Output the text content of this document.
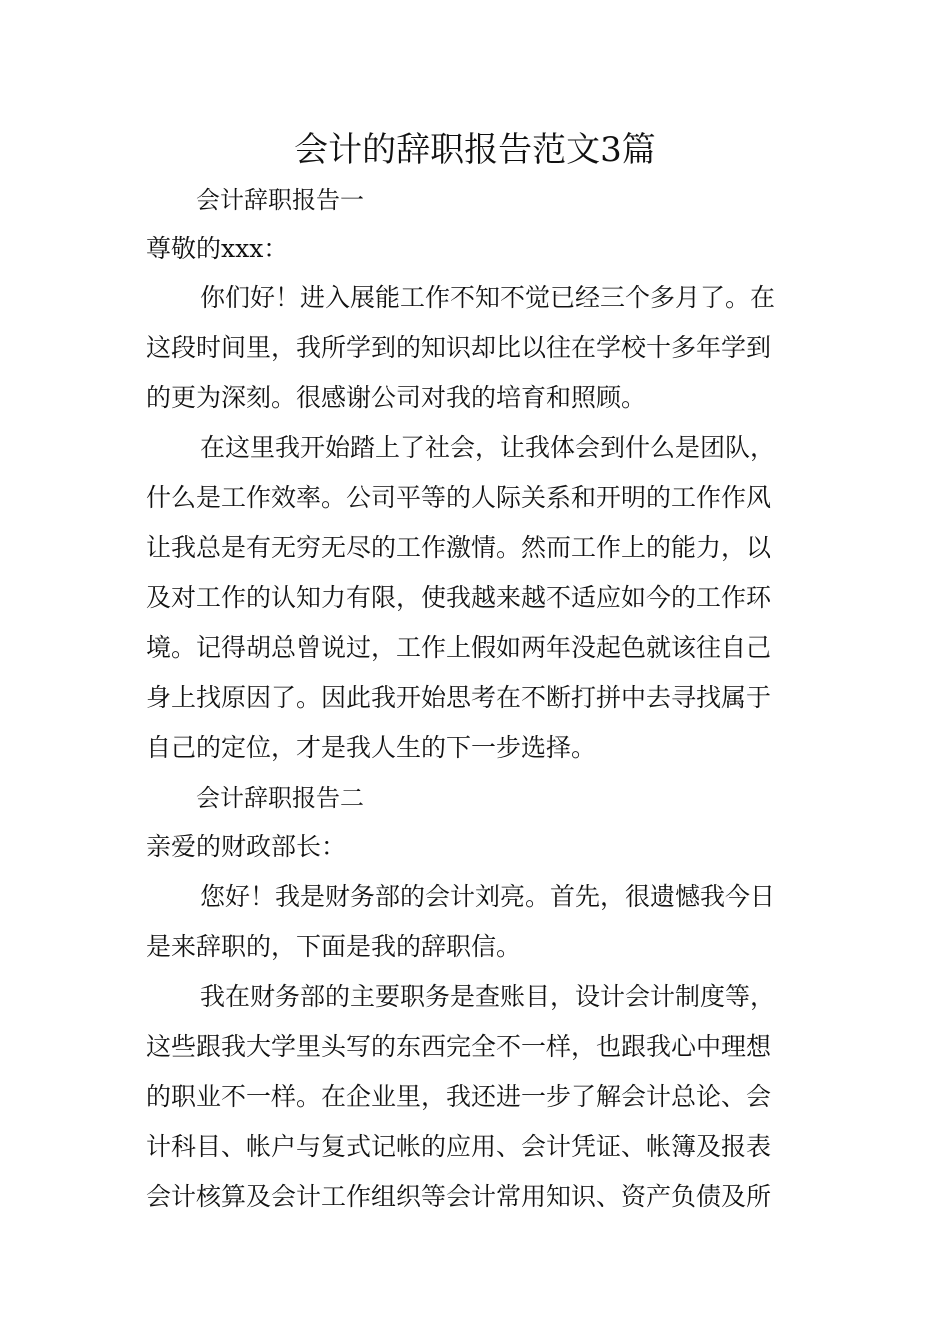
会计的辞职报告范文3篇

会计辞职报告一

尊敬的xxx：

你们好！进入展能工作不知不觉已经三个多月了。在

这段时间里，我所学到的知识却比以往在学校十多年学到

的更为深刻。很感谢公司对我的培育和照顾。

在这里我开始踏上了社会，让我体会到什么是团队，

什么是工作效率。公司平等的人际关系和开明的工作作风

让我总是有无穷无尽的工作激情。然而工作上的能力，以

及对工作的认知力有限，使我越来越不适应如今的工作环

境。记得胡总曾说过，工作上假如两年没起色就该往自己

身上找原因了。因此我开始思考在不断打拼中去寻找属于

自己的定位，才是我人生的下一步选择。

会计辞职报告二

亲爱的财政部长：

您好！我是财务部的会计刘亮。首先，很遗憾我今日

是来辞职的，下面是我的辞职信。

我在财务部的主要职务是查账目，设计会计制度等，

这些跟我大学里头写的东西完全不一样，也跟我心中理想

的职业不一样。在企业里，我还进一步了解会计总论、会

计科目、帐户与复式记帐的应用、会计凭证、帐簿及报表

会计核算及会计工作组织等会计常用知识、资产负债及所
